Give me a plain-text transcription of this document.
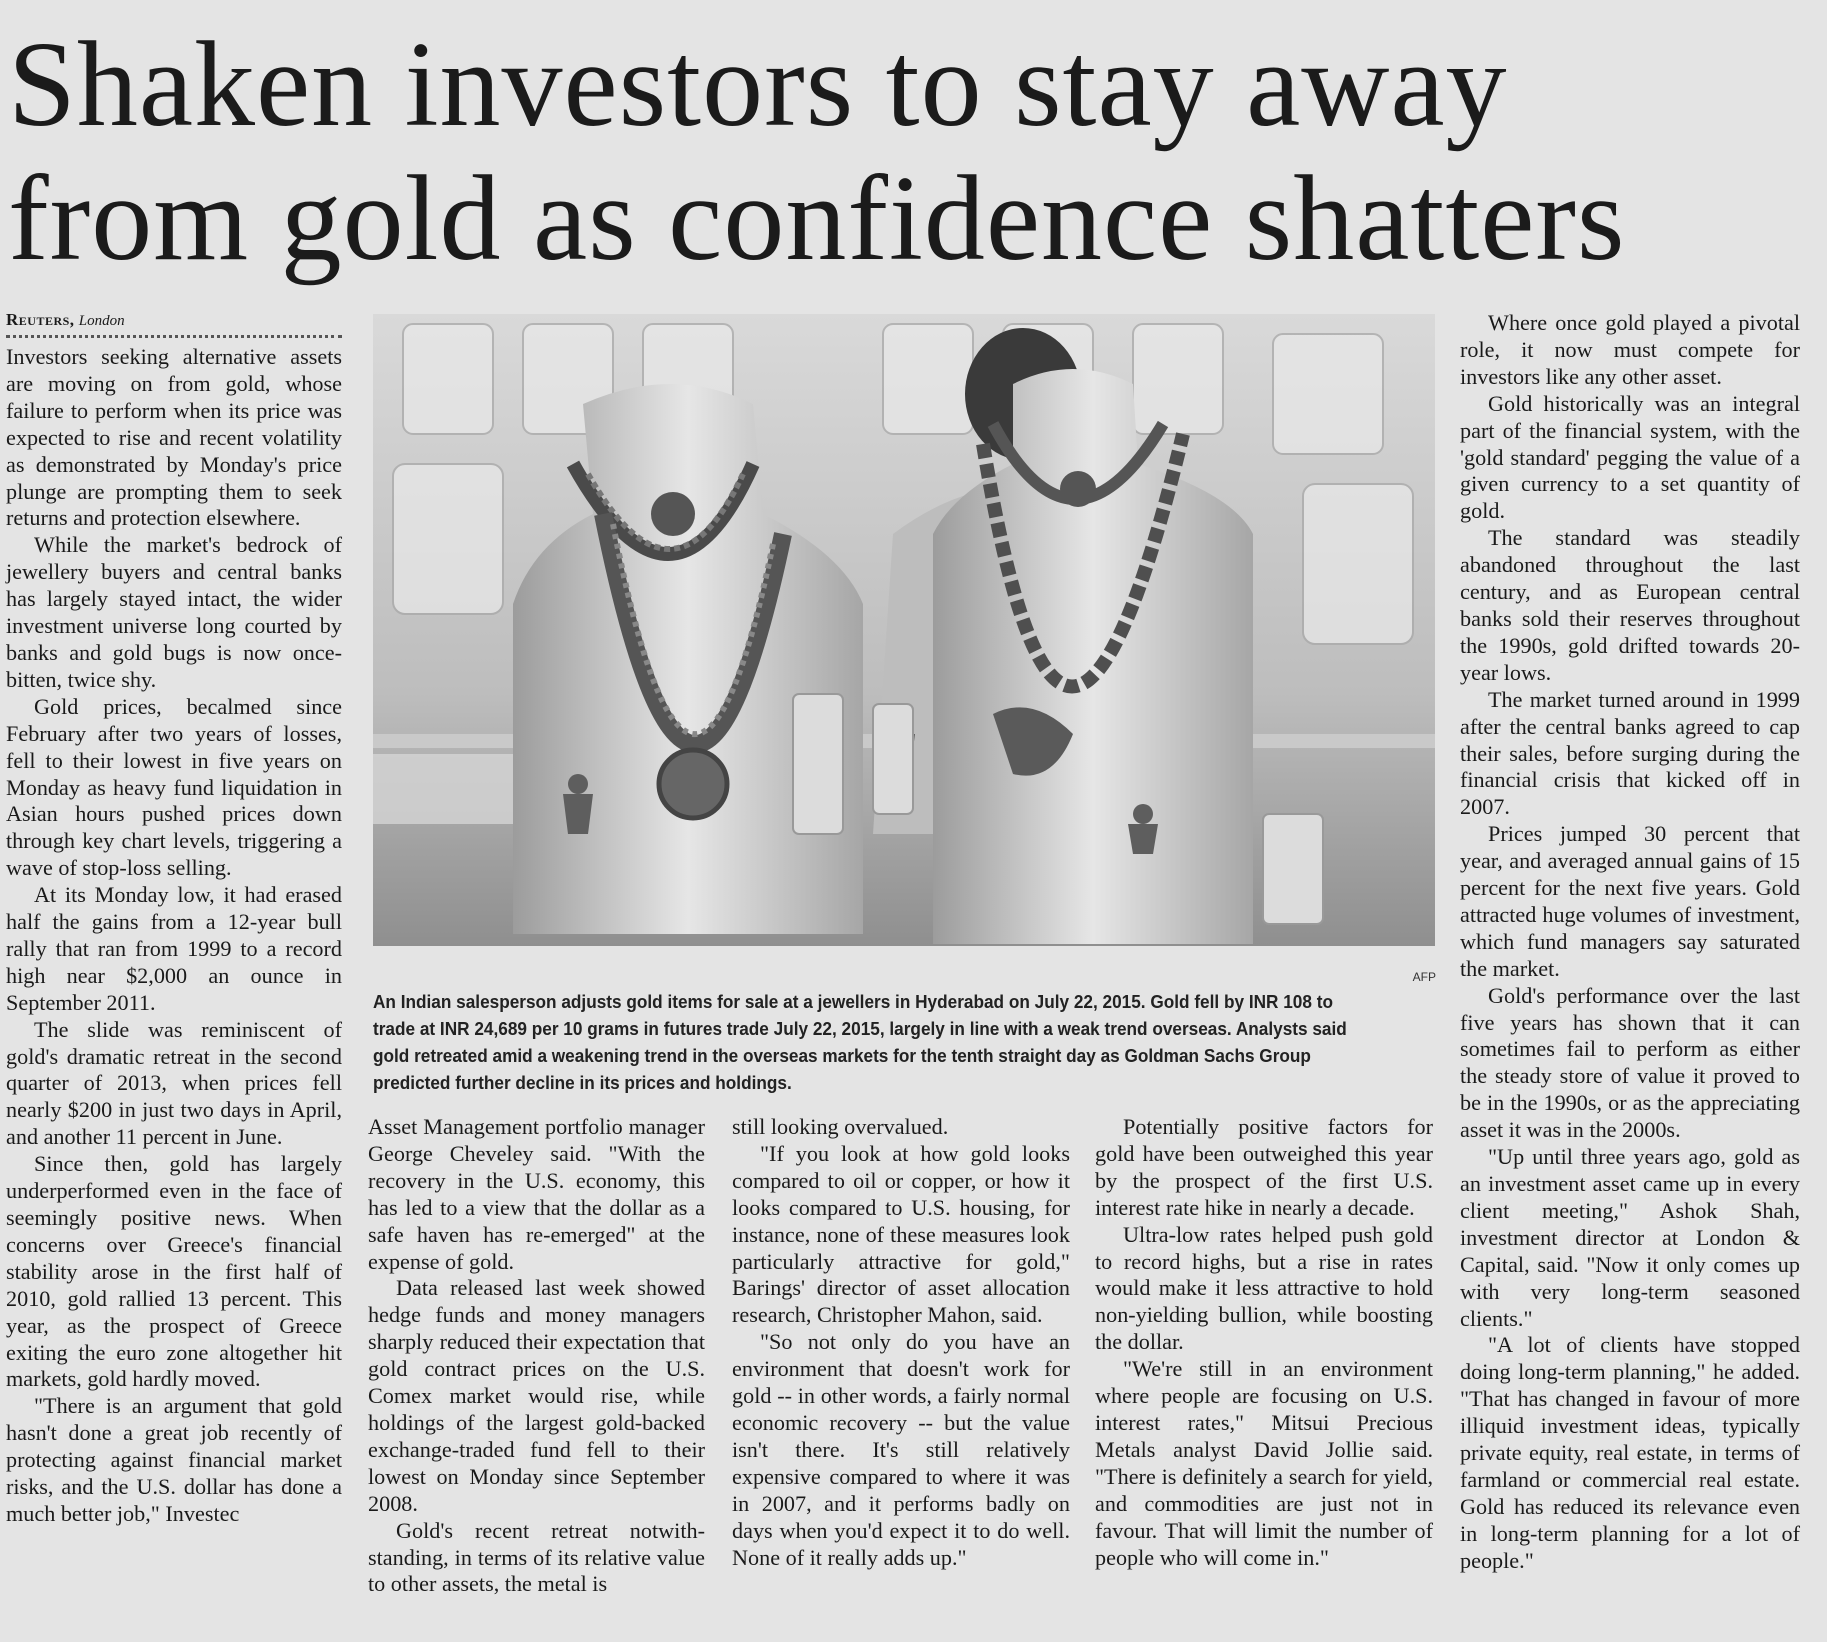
Shaken investors to stay away
from gold as confidence shatters
Reuters, London

Investors seeking alternative assets are moving on from gold, whose failure to perform when its price was expected to rise and recent volatility as demonstrated by Monday's price plunge are prompting them to seek returns and protection elsewhere.

While the market's bedrock of jewellery buyers and central banks has largely stayed intact, the wider investment universe long courted by banks and gold bugs is now once-bitten, twice shy.

Gold prices, becalmed since February after two years of losses, fell to their lowest in five years on Monday as heavy fund liquidation in Asian hours pushed prices down through key chart levels, triggering a wave of stop-loss selling.

At its Monday low, it had erased half the gains from a 12-year bull rally that ran from 1999 to a record high near $2,000 an ounce in September 2011.

The slide was reminiscent of gold's dramatic retreat in the second quarter of 2013, when prices fell nearly $200 in just two days in April, and another 11 percent in June.

Since then, gold has largely underperformed even in the face of seemingly positive news. When concerns over Greece's financial stability arose in the first half of 2010, gold rallied 13 percent. This year, as the prospect of Greece exiting the euro zone altogether hit markets, gold hardly moved.

"There is an argument that gold hasn't done a great job recently of protecting against financial market risks, and the U.S. dollar has done a much better job," Investec

AFP
An Indian salesperson adjusts gold items for sale at a jewellers in Hyderabad on July 22, 2015. Gold fell by INR 108 to trade at INR 24,689 per 10 grams in futures trade July 22, 2015, largely in line with a weak trend overseas. Analysts said gold retreated amid a weakening trend in the overseas markets for the tenth straight day as Goldman Sachs Group predicted further decline in its prices and holdings.

Asset Management portfolio manager George Cheveley said. "With the recovery in the U.S. economy, this has led to a view that the dollar as a safe haven has re-emerged" at the expense of gold.

Data released last week showed hedge funds and money managers sharply reduced their expectation that gold contract prices on the U.S. Comex market would rise, while holdings of the largest gold-backed exchange-traded fund fell to their lowest on Monday since September 2008.

Gold's recent retreat notwithstanding, in terms of its relative value to other assets, the metal is

still looking overvalued.

"If you look at how gold looks compared to oil or copper, or how it looks compared to U.S. housing, for instance, none of these measures look particularly attractive for gold," Barings' director of asset allocation research, Christopher Mahon, said.

"So not only do you have an environment that doesn't work for gold -- in other words, a fairly normal economic recovery -- but the value isn't there. It's still relatively expensive compared to where it was in 2007, and it performs badly on days when you'd expect it to do well. None of it really adds up."

Potentially positive factors for gold have been outweighed this year by the prospect of the first U.S. interest rate hike in nearly a decade.

Ultra-low rates helped push gold to record highs, but a rise in rates would make it less attractive to hold non-yielding bullion, while boosting the dollar.

"We're still in an environment where people are focusing on U.S. interest rates," Mitsui Precious Metals analyst David Jollie said. "There is definitely a search for yield, and commodities are just not in favour. That will limit the number of people who will come in."

Where once gold played a pivotal role, it now must compete for investors like any other asset.

Gold historically was an integral part of the financial system, with the 'gold standard' pegging the value of a given currency to a set quantity of gold.

The standard was steadily abandoned throughout the last century, and as European central banks sold their reserves throughout the 1990s, gold drifted towards 20-year lows.

The market turned around in 1999 after the central banks agreed to cap their sales, before surging during the financial crisis that kicked off in 2007.

Prices jumped 30 percent that year, and averaged annual gains of 15 percent for the next five years. Gold attracted huge volumes of investment, which fund managers say saturated the market.

Gold's performance over the last five years has shown that it can sometimes fail to perform as either the steady store of value it proved to be in the 1990s, or as the appreciating asset it was in the 2000s.

"Up until three years ago, gold as an investment asset came up in every client meeting," Ashok Shah, investment director at London & Capital, said. "Now it only comes up with very long-term seasoned clients."

"A lot of clients have stopped doing long-term planning," he added. "That has changed in favour of more illiquid investment ideas, typically private equity, real estate, in terms of farmland or commercial real estate. Gold has reduced its relevance even in long-term planning for a lot of people."
